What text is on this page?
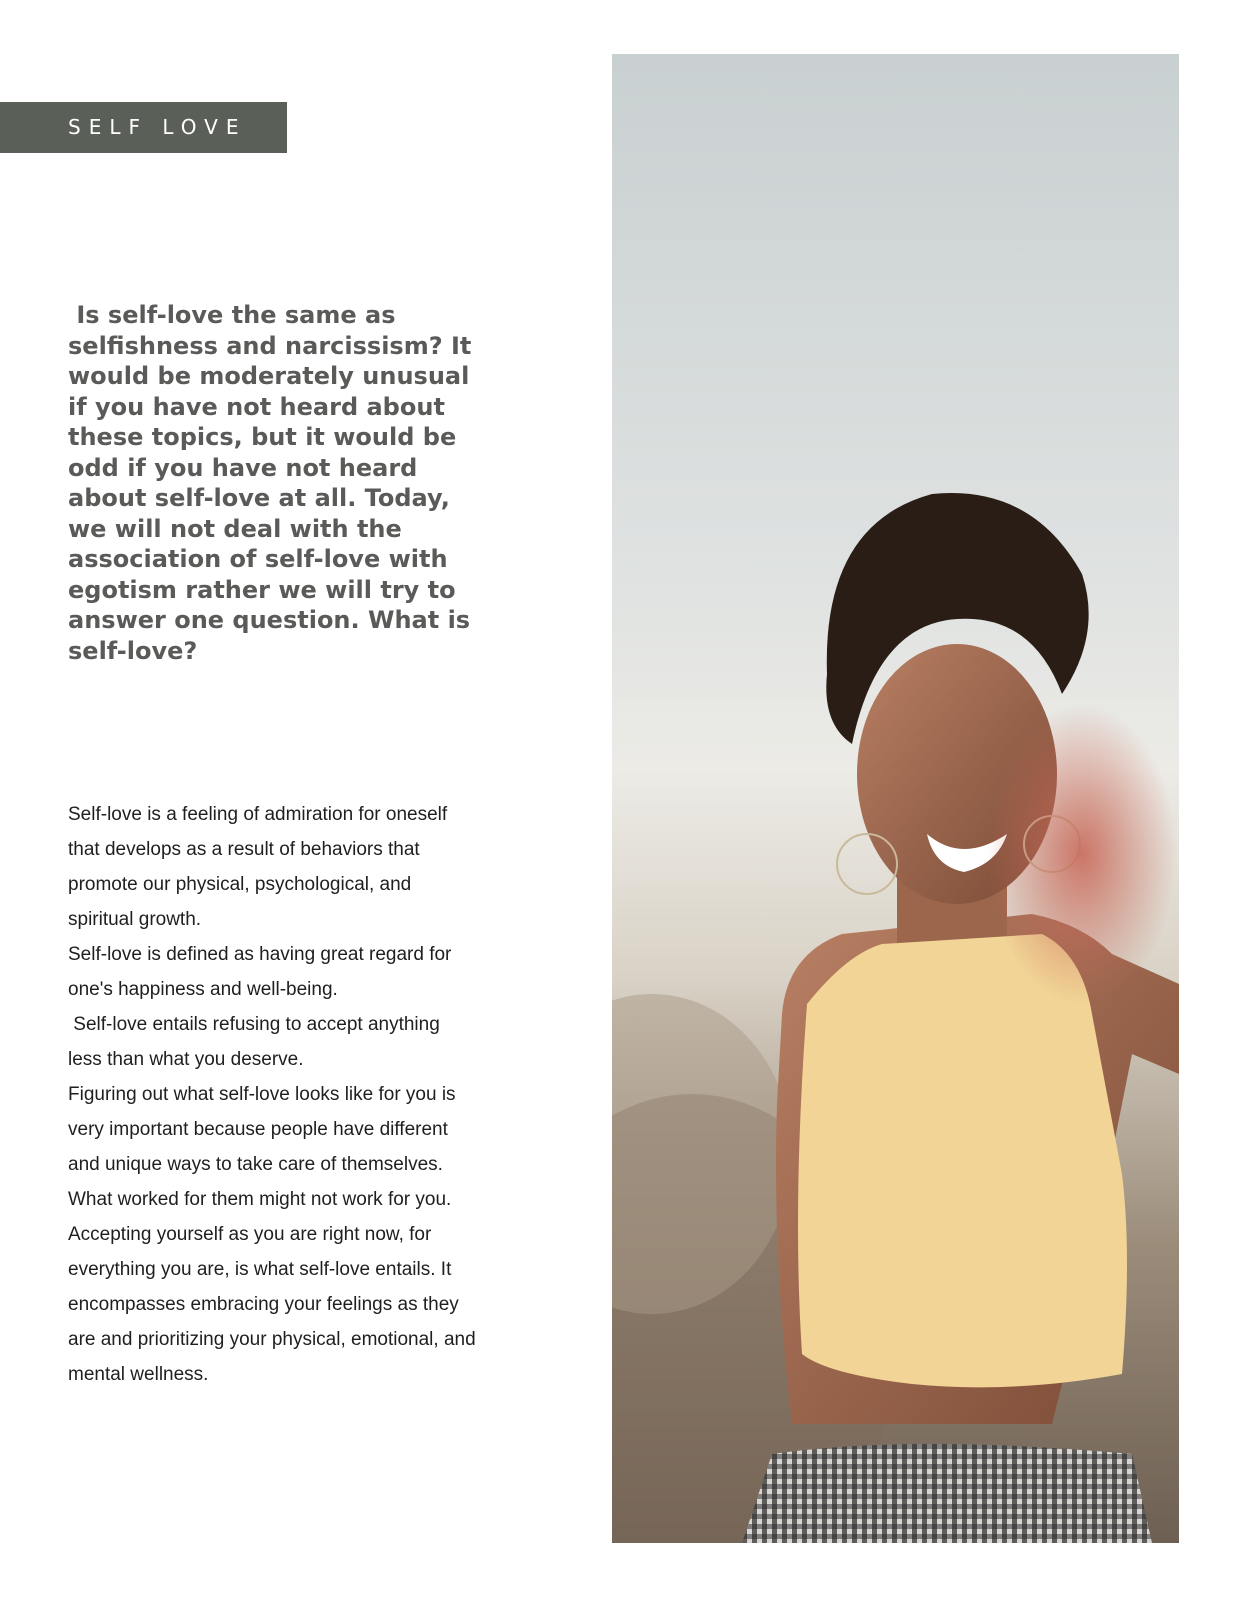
SELF LOVE

Is self-love the same as selfishness and narcissism? It would be moderately unusual if you have not heard about these topics, but it would be odd if you have not heard about self-love at all. Today, we will not deal with the association of self-love with egotism rather we will try to answer one question. What is self-love?

Self-love is a feeling of admiration for oneself that develops as a result of behaviors that promote our physical, psychological, and spiritual growth.

Self-love is defined as having great regard for one's happiness and well-being.

Self-love entails refusing to accept anything less than what you deserve.

Figuring out what self-love looks like for you is very important because people have different and unique ways to take care of themselves. What worked for them might not work for you.

Accepting yourself as you are right now, for everything you are, is what self-love entails. It encompasses embracing your feelings as they are and prioritizing your physical, emotional, and mental wellness.
